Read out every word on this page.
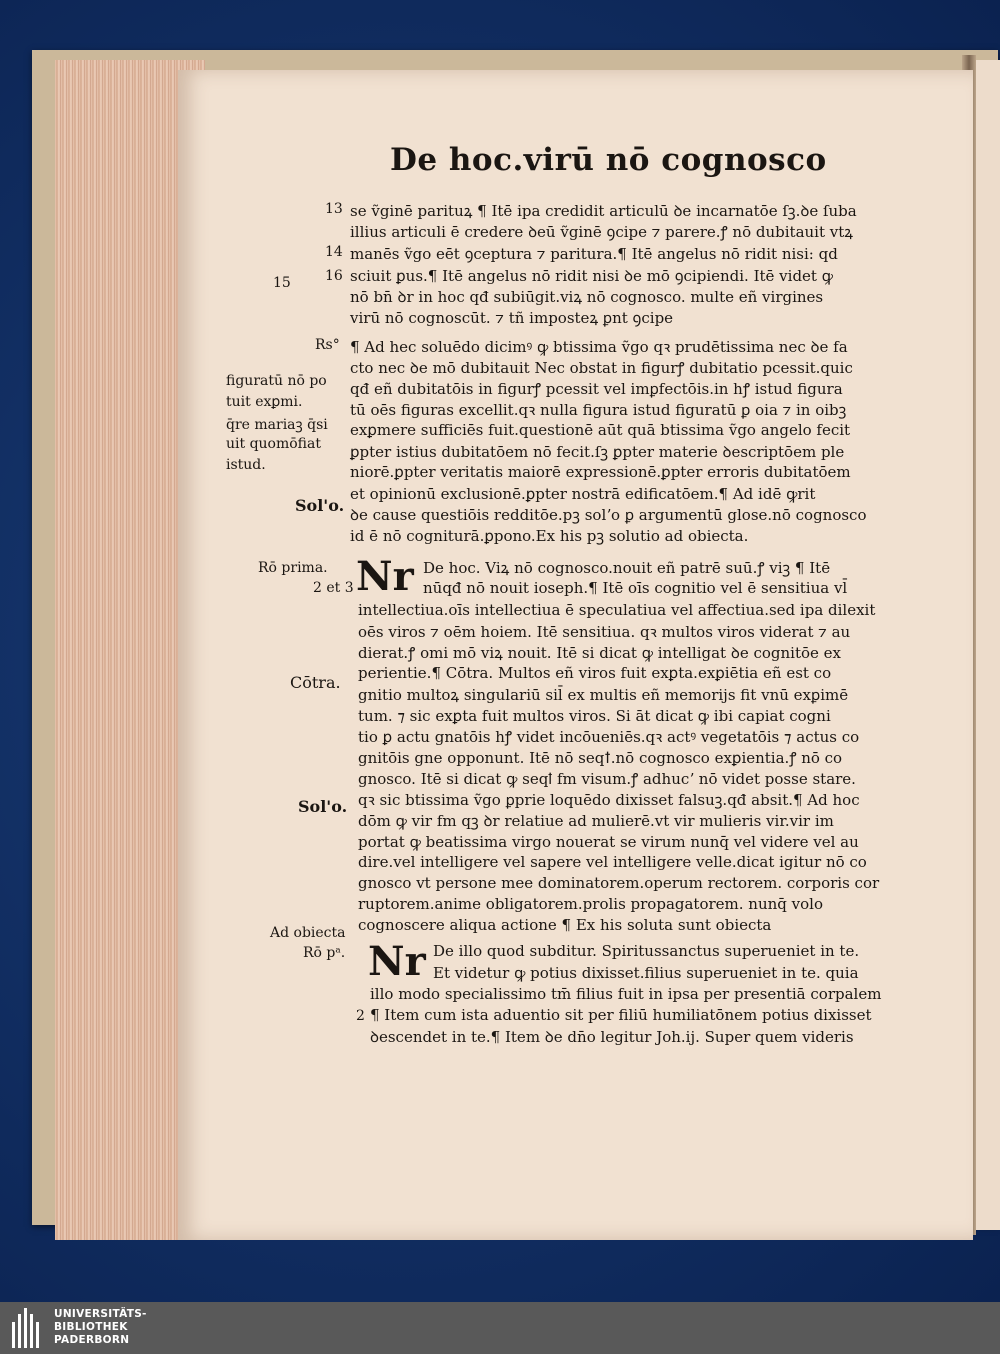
De hoc.virū nō cognosco
13
14
15 16
se ṽginē parituꝝ ¶ Itē ipa credidit articulū ꝺe incarnatōe ſꝫ.ꝺe ſuba
illius articuli ē credere ꝺeū ṽginē ꝯcipe ⁊ parere.ꝭ nō dubitauit vtꝝ
manēs ṽgo eēt ꝯceptura ⁊ paritura.¶ Itē angelus nō ridit nisi: qd
sciuit ꝑus.¶ Itē angelus nō ridit nisi ꝺe mō ꝯcipiendi. Itē videt ꝙ
nō bn̄ ꝺr in hoc qđ subiūgit.viꝝ nō cognosco. multe eñ virgines
virū nō cognoscūt. ⁊ tñ imposteꝝ ꝑnt ꝯcipe
Rs° ¶ Ad hec soluēdo dicimꝰ ꝙ btissima ṽgo qꝛ prudētissima nec ꝺe fa
cto nec ꝺe mō dubitauit Nec obstat in figurꝭ dubitatio pcessit.quic
qđ eñ dubitatōis in figurꝭ pcessit vel imꝑfectōis.in hꝭ istud figura
tū oēs figuras excellit.qꝛ nulla figura istud figuratū ꝑ oia ⁊ in oibꝫ
exꝑmere sufficiēs fuit.questionē aūt quā btissima ṽgo angelo fecit
ꝑpter istius dubitatōem nō fecit.ſꝫ ꝑpter materie ꝺescriptōem ple
niorē.ꝑpter veritatis maiorē expressionē.ꝑpter erroris dubitatōem
et opinionū exclusionē.ꝑpter nostrā edificatōem.¶ Ad idē ꝙrit
ꝺe cause questiōis redditōe.pꝫ solʼo ꝑ argumentū glose.nō cognosco
id ē nō cogniturā.ꝑpono.Ex his pꝫ solutio ad obiecta.
figuratū nō po
tuit exꝑmi.
q̄re mariaꝫ q̄si
uit quomōfiat
istud.
Sol'o.
Rō prima.
2 et 3 Nr De hoc. Viꝝ nō cognosco.nouit eñ patrē suū.ꝭ viꝫ ¶ Itē
nūqđ nō nouit ioseph.¶ Itē oīs cognitio vel ē sensitiua vl̄
intellectiua.oīs intellectiua ē speculatiua vel affectiua.sed ipa dilexit
oēs viros ⁊ oēm hoiem. Itē sensitiua. qꝛ multos viros viderat ⁊ au
dierat.ꝭ omi mō viꝝ nouit. Itē si dicat ꝙ intelligat ꝺe cognitōe ex
Cōtra. perientie.¶ Cōtra. Multos eñ viros fuit exꝑta.exꝑiētia eñ est co
gnitio multoꝝ singulariū sil̄ ex multis eñ memorijs fit vnū exꝑimē
tum. ⁊ sic exꝑta fuit multos viros. Si āt dicat ꝙ ibi capiat cogni
tio ꝑ actu gnatōis hꝭ videt incōueniēs.qꝛ actꝰ vegetatōis ⁊ actus co
gnitōis gne opponunt. Itē nō seqꝉ.nō cognosco exꝑientia.ꝭ nō co
gnosco. Itē si dicat ꝙ seqꝉ fm visum.ꝭ adhucʼ nō videt posse stare.
Sol'o. qꝛ sic btissima ṽgo ꝑprie loquēdo dixisset falsuꝫ.qđ absit.¶ Ad hoc
dōm ꝙ vir fm qꝫ ꝺr relatiue ad mulierē.vt vir mulieris vir.vir im
portat ꝙ beatissima virgo nouerat se virum nunq̄ vel videre vel au
dire.vel intelligere vel sapere vel intelligere velle.dicat igitur nō co
gnosco vt persone mee dominatorem.operum rectorem. corporis cor
ruptorem.anime obligatorem.prolis propagatorem. nunq̄ volo
Ad obiecta cognoscere aliqua actione ¶ Ex his soluta sunt obiecta
Rō pᵃ. Nr De illo quod subditur. Spiritussanctus superueniet in te.
Et videtur ꝙ potius dixisset.filius superueniet in te. quia
illo modo specialissimo tm̄ filius fuit in ipsa per presentiā corpalem
2 ¶ Item cum ista aduentio sit per filiū humiliatōnem potius dixisset
ꝺescendet in te.¶ Item ꝺe dn̄o legitur Joh.ij. Super quem videris
UNIVERSITÄTS-
BIBLIOTHEK
PADERBORN
